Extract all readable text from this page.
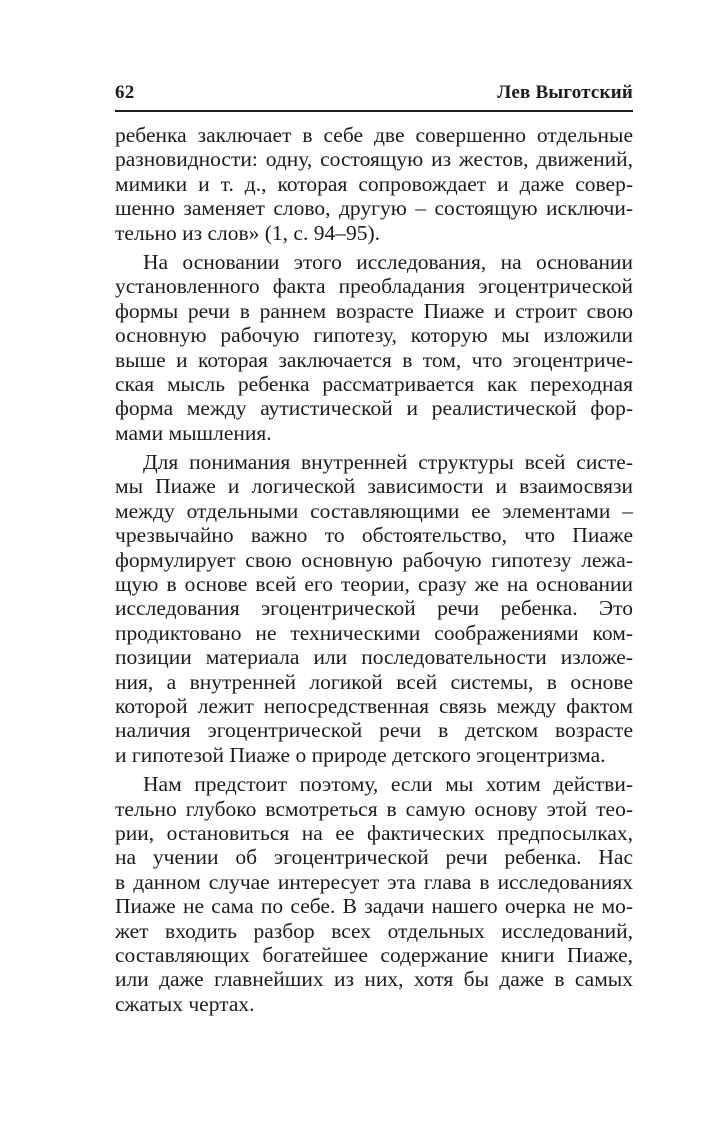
62	Лев Выготский
ребенка заключает в себе две совершенно отдельные
разновидности: одну, состоящую из жестов, движений,
мимики и т. д., которая сопровождает и даже совер-
шенно заменяет слово, другую – состоящую исключи-
тельно из слов» (1, с. 94–95).
На основании этого исследования, на основании
установленного факта преобладания эгоцентрической
формы речи в раннем возрасте Пиаже и строит свою
основную рабочую гипотезу, которую мы изложили
выше и которая заключается в том, что эгоцентриче-
ская мысль ребенка рассматривается как переходная
форма между аутистической и реалистической фор-
мами мышления.
Для понимания внутренней структуры всей систе-
мы Пиаже и логической зависимости и взаимосвязи
между отдельными составляющими ее элементами –
чрезвычайно важно то обстоятельство, что Пиаже
формулирует свою основную рабочую гипотезу лежа-
щую в основе всей его теории, сразу же на основании
исследования эгоцентрической речи ребенка. Это
продиктовано не техническими соображениями ком-
позиции материала или последовательности изложе-
ния, а внутренней логикой всей системы, в основе
которой лежит непосредственная связь между фактом
наличия эгоцентрической речи в детском возрасте
и гипотезой Пиаже о природе детского эгоцентризма.
Нам предстоит поэтому, если мы хотим действи-
тельно глубоко всмотреться в самую основу этой тео-
рии, остановиться на ее фактических предпосылках,
на учении об эгоцентрической речи ребенка. Нас
в данном случае интересует эта глава в исследованиях
Пиаже не сама по себе. В задачи нашего очерка не мо-
жет входить разбор всех отдельных исследований,
составляющих богатейшее содержание книги Пиаже,
или даже главнейших из них, хотя бы даже в самых
сжатых чертах.
